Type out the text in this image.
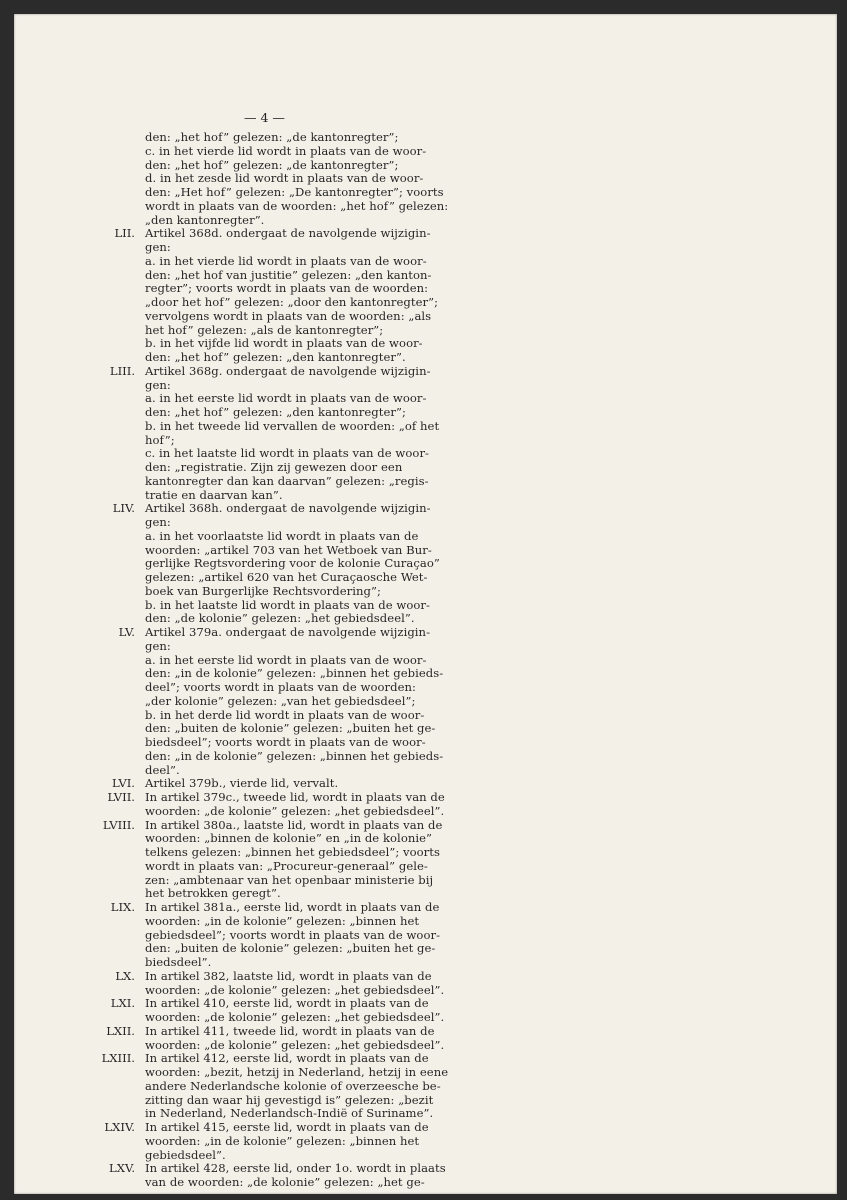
— 4 —
den: „het hof” gelezen: „de kantonregter”;
c. in het vierde lid wordt in plaats van de woor-
den: „het hof” gelezen: „de kantonregter”;
d. in het zesde lid wordt in plaats van de woor-
den: „Het hof” gelezen: „De kantonregter”; voorts
wordt in plaats van de woorden: „het hof” gelezen:
„den kantonregter”.
LII. Artikel 368d. ondergaat de navolgende wijzigin-
gen:
a. in het vierde lid wordt in plaats van de woor-
den: „het hof van justitie” gelezen: „den kanton-
regter”; voorts wordt in plaats van de woorden:
„door het hof” gelezen: „door den kantonregter”;
vervolgens wordt in plaats van de woorden: „als
het hof” gelezen: „als de kantonregter”;
b. in het vijfde lid wordt in plaats van de woor-
den: „het hof” gelezen: „den kantonregter”.
LIII. Artikel 368g. ondergaat de navolgende wijzigin-
gen:
a. in het eerste lid wordt in plaats van de woor-
den: „het hof” gelezen: „den kantonregter”;
b. in het tweede lid vervallen de woorden: „of het
hof”;
c. in het laatste lid wordt in plaats van de woor-
den: „registratie. Zijn zij gewezen door een
kantonregter dan kan daarvan” gelezen: „regis-
tratie en daarvan kan”.
LIV. Artikel 368h. ondergaat de navolgende wijzigin-
gen:
a. in het voorlaatste lid wordt in plaats van de
woorden: „artikel 703 van het Wetboek van Bur-
gerlijke Regtsvordering voor de kolonie Curaçao”
gelezen: „artikel 620 van het Curaçaosche Wet-
boek van Burgerlijke Rechtsvordering”;
b. in het laatste lid wordt in plaats van de woor-
den: „de kolonie” gelezen: „het gebiedsdeel”.
LV. Artikel 379a. ondergaat de navolgende wijzigin-
gen:
a. in het eerste lid wordt in plaats van de woor-
den: „in de kolonie” gelezen: „binnen het gebieds-
deel”; voorts wordt in plaats van de woorden:
„der kolonie” gelezen: „van het gebiedsdeel”;
b. in het derde lid wordt in plaats van de woor-
den: „buiten de kolonie” gelezen: „buiten het ge-
biedsdeel”; voorts wordt in plaats van de woor-
den: „in de kolonie” gelezen: „binnen het gebieds-
deel”.
LVI. Artikel 379b., vierde lid, vervalt.
LVII. In artikel 379c., tweede lid, wordt in plaats van de
woorden: „de kolonie” gelezen: „het gebiedsdeel”.
LVIII. In artikel 380a., laatste lid, wordt in plaats van de
woorden: „binnen de kolonie” en „in de kolonie”
telkens gelezen: „binnen het gebiedsdeel”; voorts
wordt in plaats van: „Procureur-generaal” gele-
zen: „ambtenaar van het openbaar ministerie bij
het betrokken geregt”.
LIX. In artikel 381a., eerste lid, wordt in plaats van de
woorden: „in de kolonie” gelezen: „binnen het
gebiedsdeel”; voorts wordt in plaats van de woor-
den: „buiten de kolonie” gelezen: „buiten het ge-
biedsdeel”.
LX. In artikel 382, laatste lid, wordt in plaats van de
woorden: „de kolonie” gelezen: „het gebiedsdeel”.
LXI. In artikel 410, eerste lid, wordt in plaats van de
woorden: „de kolonie” gelezen: „het gebiedsdeel”.
LXII. In artikel 411, tweede lid, wordt in plaats van de
woorden: „de kolonie” gelezen: „het gebiedsdeel”.
LXIII. In artikel 412, eerste lid, wordt in plaats van de
woorden: „bezit, hetzij in Nederland, hetzij in eene
andere Nederlandsche kolonie of overzeesche be-
zitting dan waar hij gevestigd is” gelezen: „bezit
in Nederland, Nederlandsch-Indië of Suriname”.
LXIV. In artikel 415, eerste lid, wordt in plaats van de
woorden: „in de kolonie” gelezen: „binnen het
gebiedsdeel”.
LXV. In artikel 428, eerste lid, onder 1o. wordt in plaats
van de woorden: „de kolonie” gelezen: „het ge-
